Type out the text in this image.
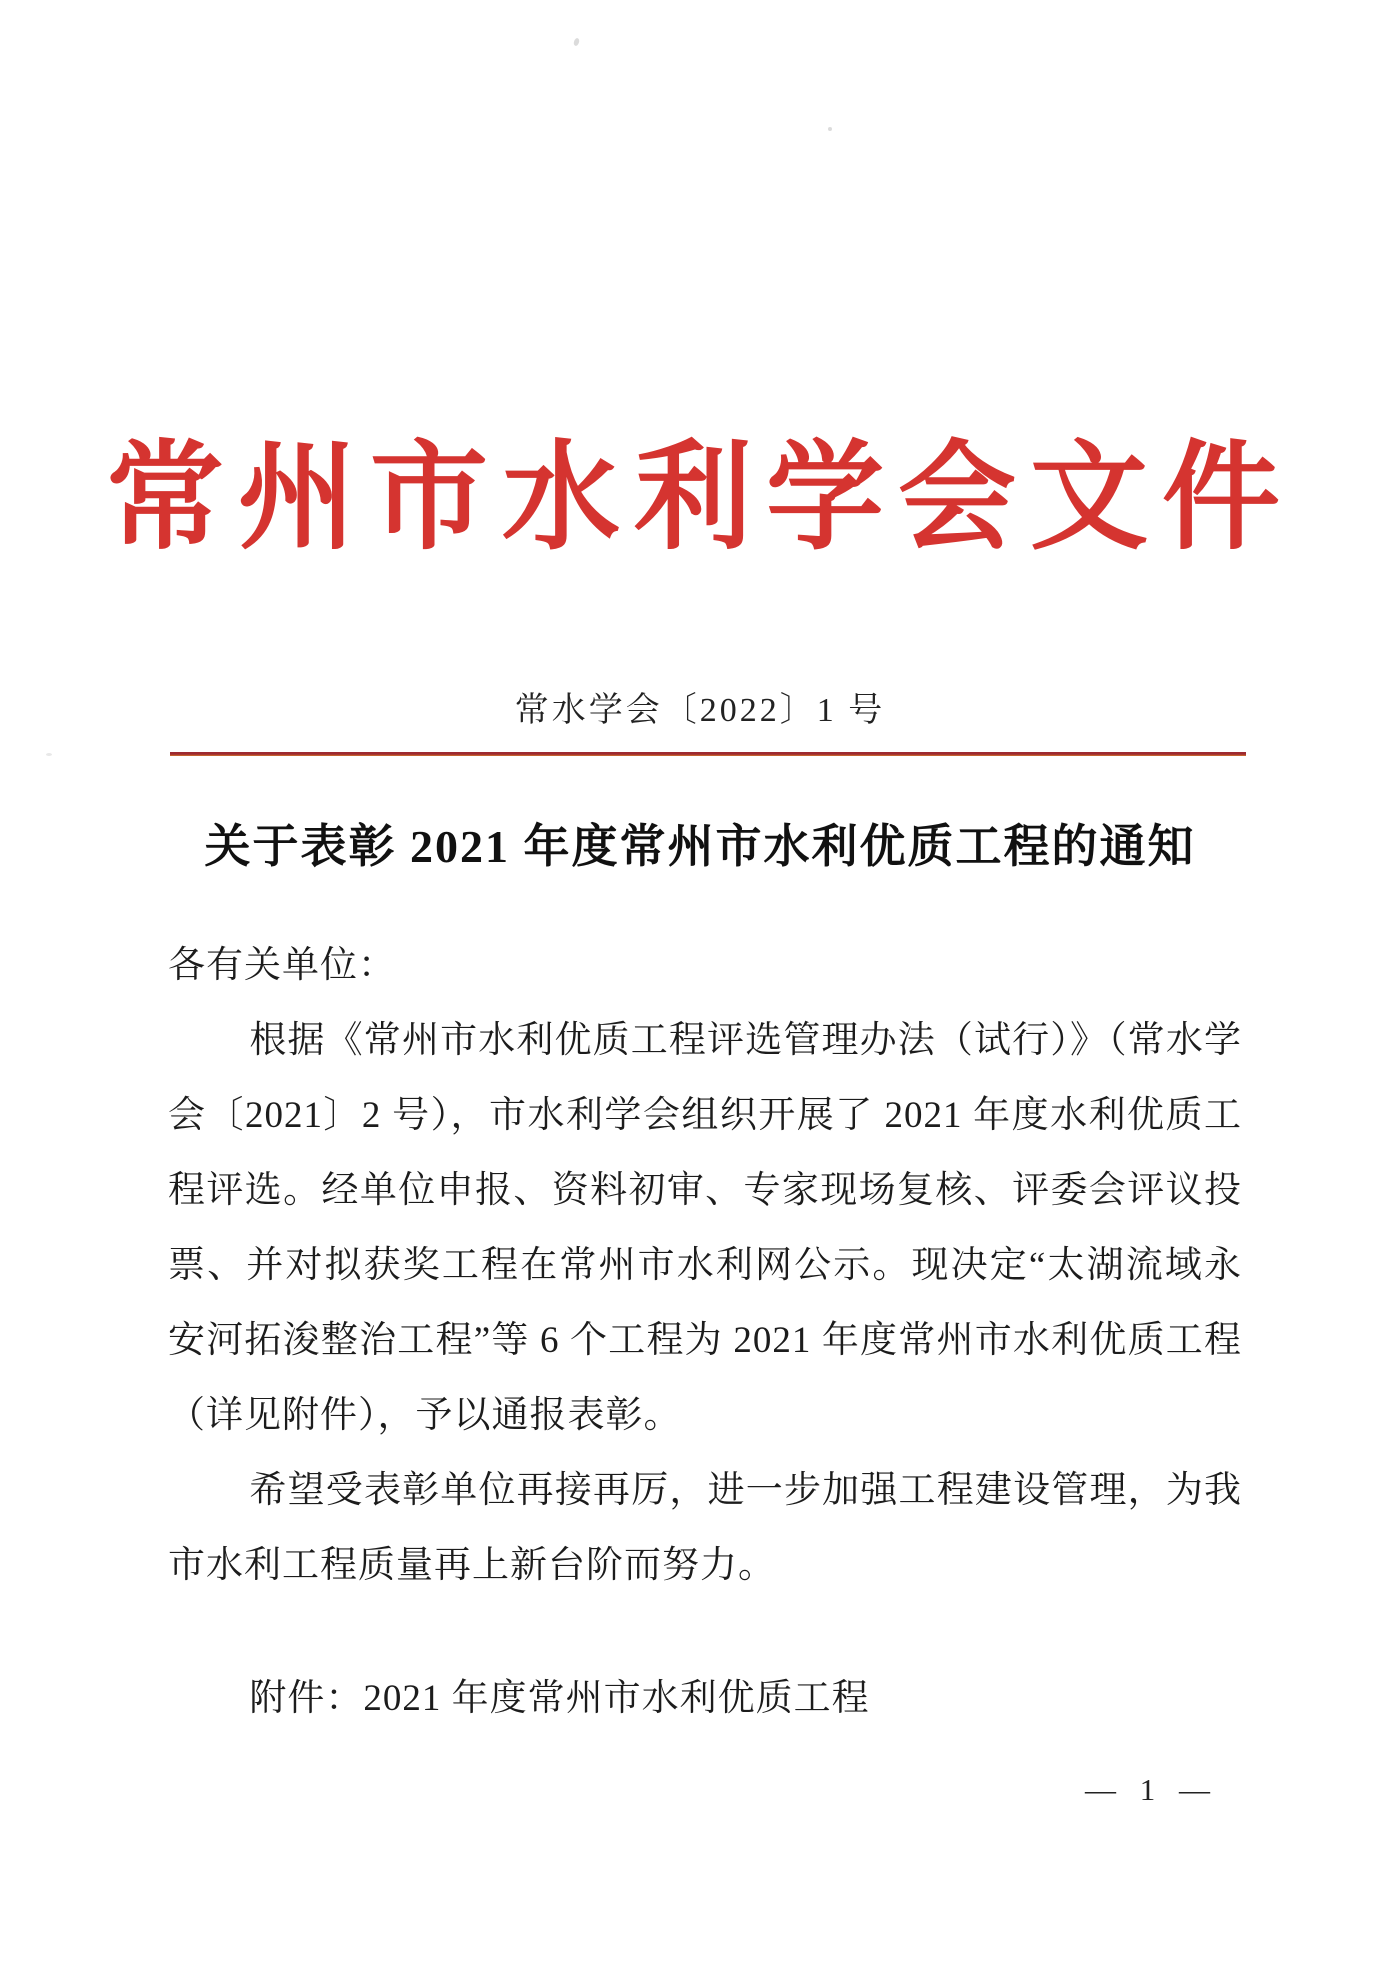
常州市水利学会文件

常水学会〔2022〕1 号

关于表彰 2021 年度常州市水利优质工程的通知

各有关单位：

根据《常州市水利优质工程评选管理办法（试行）》（常水学会〔2021〕2 号），市水利学会组织开展了 2021 年度水利优质工程评选。经单位申报、资料初审、专家现场复核、评委会评议投票、并对拟获奖工程在常州市水利网公示。现决定“太湖流域永安河拓浚整治工程”等 6 个工程为 2021 年度常州市水利优质工程（详见附件），予以通报表彰。

希望受表彰单位再接再厉，进一步加强工程建设管理，为我市水利工程质量再上新台阶而努力。

附件：2021 年度常州市水利优质工程

— 1 —
